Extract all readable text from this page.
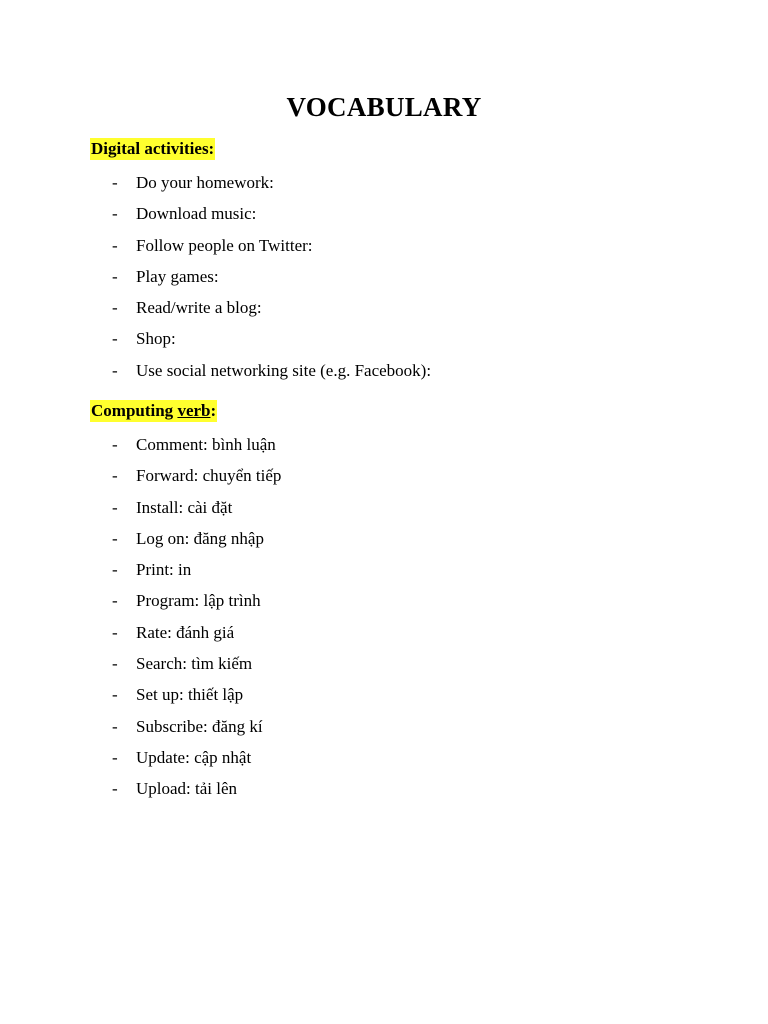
VOCABULARY
Digital activities:
- Do your homework:
- Download music:
- Follow people on Twitter:
- Play games:
- Read/write a blog:
- Shop:
- Use social networking site (e.g. Facebook):
Computing verb:
- Comment: bình luận
- Forward: chuyển tiếp
- Install: cài đặt
- Log on: đăng nhập
- Print: in
- Program: lập trình
- Rate: đánh giá
- Search: tìm kiếm
- Set up: thiết lập
- Subscribe: đăng kí
- Update: cập nhật
- Upload: tải lên
